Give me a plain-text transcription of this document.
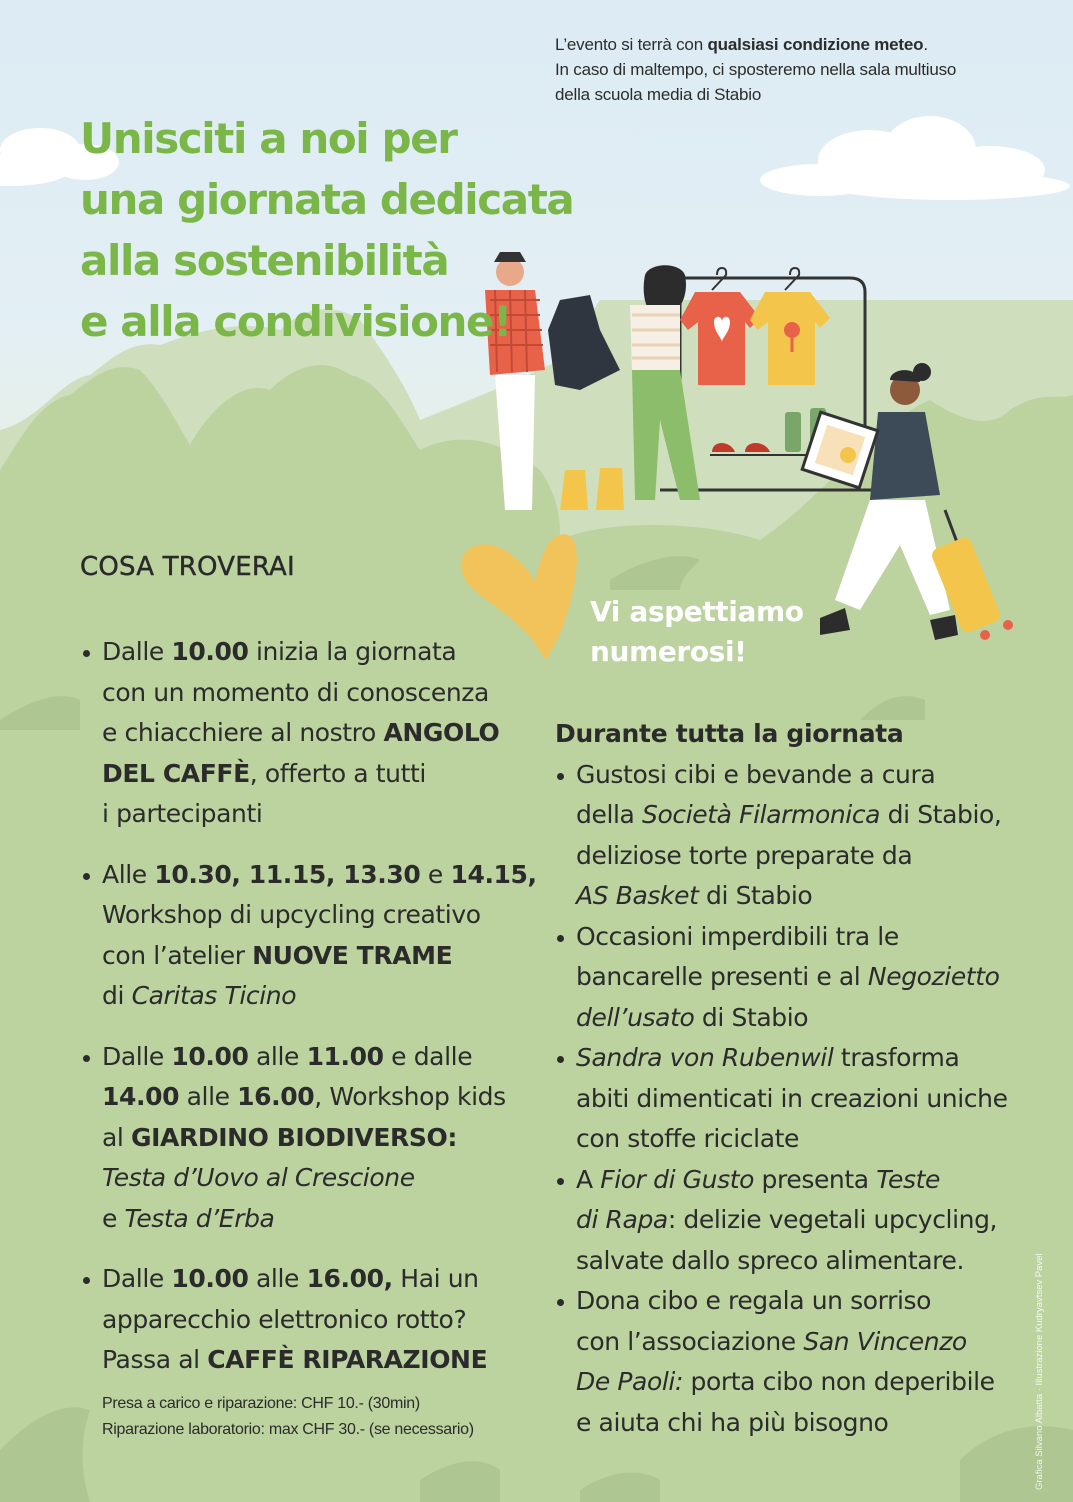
L’evento si terrà con qualsiasi condizione meteo.

In caso di maltempo, ci sposteremo nella sala multiuso

della scuola media di Stabio

Unisciti a noi per
una giornata dedicata
alla sostenibilità
e alla condivisione!
Vi aspettiamo
numerosi!
COSA TROVERAI
Dalle 10.00 inizia la giornata
con un momento di conoscenza
e chiacchiere al nostro ANGOLO
DEL CAFFÈ, offerto a tutti
i partecipanti
Alle 10.30, 11.15, 13.30 e 14.15,
Workshop di upcycling creativo
con l’atelier NUOVE TRAME
di Caritas Ticino
Dalle 10.00 alle 11.00 e dalle
14.00 alle 16.00, Workshop kids
al GIARDINO BIODIVERSO:
Testa d’Uovo al Crescione
e Testa d’Erba
Dalle 10.00 alle 16.00, Hai un
apparecchio elettronico rotto?
Passa al CAFFÈ RIPARAZIONE
Presa a carico e riparazione: CHF 10.- (30min)
Riparazione laboratorio: max CHF 30.- (se necessario)
Durante tutta la giornata
Gustosi cibi e bevande a cura
della Società Filarmonica di Stabio,
deliziose torte preparate da
AS Basket di Stabio
Occasioni imperdibili tra le
bancarelle presenti e al Negozietto
dell’usato di Stabio
Sandra von Rubenwil trasforma
abiti dimenticati in creazioni uniche
con stoffe riciclate
A Fior di Gusto presenta Teste
di Rapa: delizie vegetali upcycling,
salvate dallo spreco alimentare.
Dona cibo e regala un sorriso
con l’associazione San Vincenzo
De Paoli: porta cibo non deperibile
e aiuta chi ha più bisogno	Grafica Silvano Albatta · Illustrazione Kudryavtsev Pavel
